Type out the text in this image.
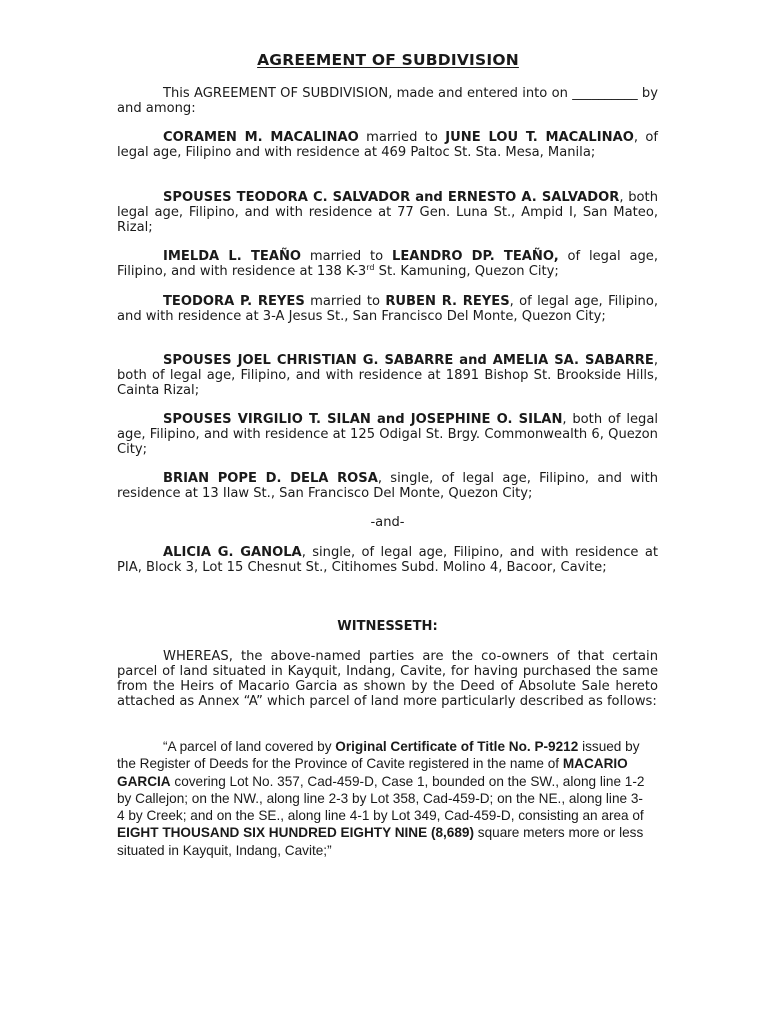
AGREEMENT OF SUBDIVISION
This AGREEMENT OF SUBDIVISION, made and entered into on __________ by and among:
CORAMEN M. MACALINAO married to JUNE LOU T. MACALINAO, of legal age, Filipino and with residence at 469 Paltoc St. Sta. Mesa, Manila;
SPOUSES TEODORA C. SALVADOR and ERNESTO A. SALVADOR, both legal age, Filipino, and with residence at 77 Gen. Luna St., Ampid I, San Mateo, Rizal;
IMELDA L. TEAÑO married to LEANDRO DP. TEAÑO, of legal age, Filipino, and with residence at 138 K-3rd St. Kamuning, Quezon City;
TEODORA P. REYES married to RUBEN R. REYES, of legal age, Filipino, and with residence at 3-A Jesus St., San Francisco Del Monte, Quezon City;
SPOUSES JOEL CHRISTIAN G. SABARRE and AMELIA SA. SABARRE, both of legal age, Filipino, and with residence at 1891 Bishop St. Brookside Hills, Cainta Rizal;
SPOUSES VIRGILIO T. SILAN and JOSEPHINE O. SILAN, both of legal age, Filipino, and with residence at 125 Odigal St. Brgy. Commonwealth 6, Quezon City;
BRIAN POPE D. DELA ROSA, single, of legal age, Filipino, and with residence at 13 Ilaw St., San Francisco Del Monte, Quezon City;
-and-
ALICIA G. GANOLA, single, of legal age, Filipino, and with residence at PIA, Block 3, Lot 15 Chesnut St., Citihomes Subd. Molino 4, Bacoor, Cavite;
WITNESSETH:
WHEREAS, the above-named parties are the co-owners of that certain parcel of land situated in Kayquit, Indang, Cavite, for having purchased the same from the Heirs of Macario Garcia as shown by the Deed of Absolute Sale hereto attached as Annex “A” which parcel of land more particularly described as follows:
“A parcel of land covered by Original Certificate of Title No. P-9212 issued by the Register of Deeds for the Province of Cavite registered in the name of MACARIO GARCIA covering Lot No. 357, Cad-459-D, Case 1, bounded on the SW., along line 1-2 by Callejon; on the NW., along line 2-3 by Lot 358, Cad-459-D; on the NE., along line 3-4 by Creek; and on the SE., along line 4-1 by Lot 349, Cad-459-D, consisting an area of EIGHT THOUSAND SIX HUNDRED EIGHTY NINE (8,689) square meters more or less situated in Kayquit, Indang, Cavite;”
